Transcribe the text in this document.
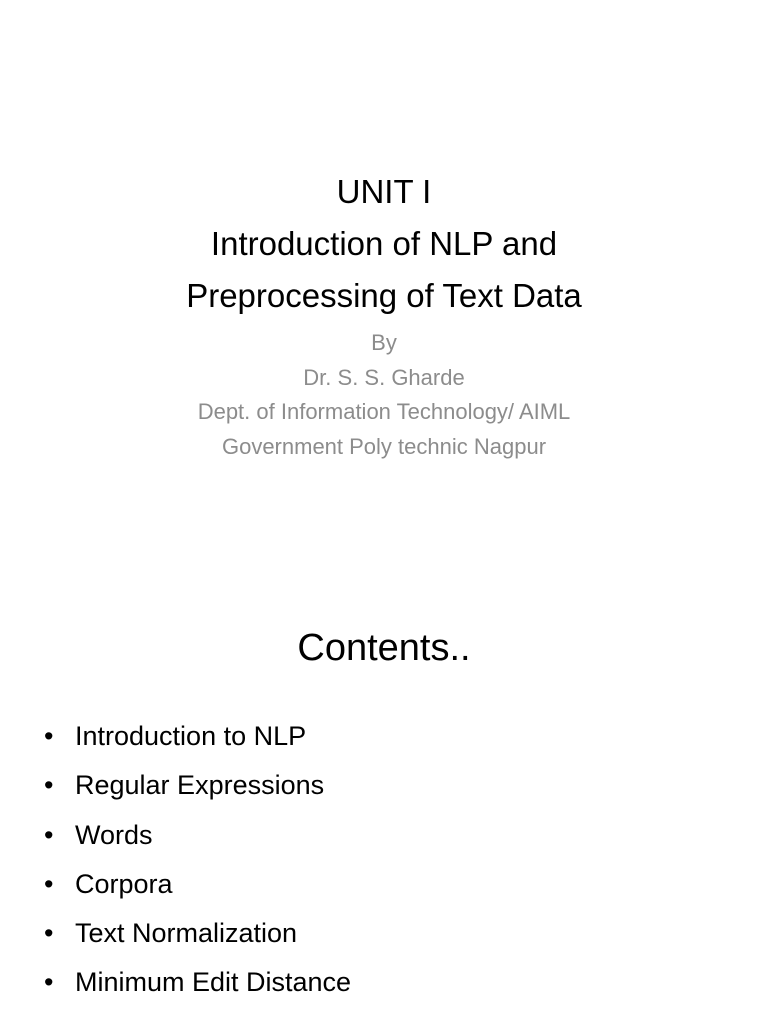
UNIT I
Introduction of NLP and
Preprocessing of Text Data
By
Dr. S. S. Gharde
Dept. of Information Technology/ AIML
Government Poly technic Nagpur
Contents..
• Introduction to NLP
• Regular Expressions
• Words
• Corpora
• Text Normalization
• Minimum Edit Distance
